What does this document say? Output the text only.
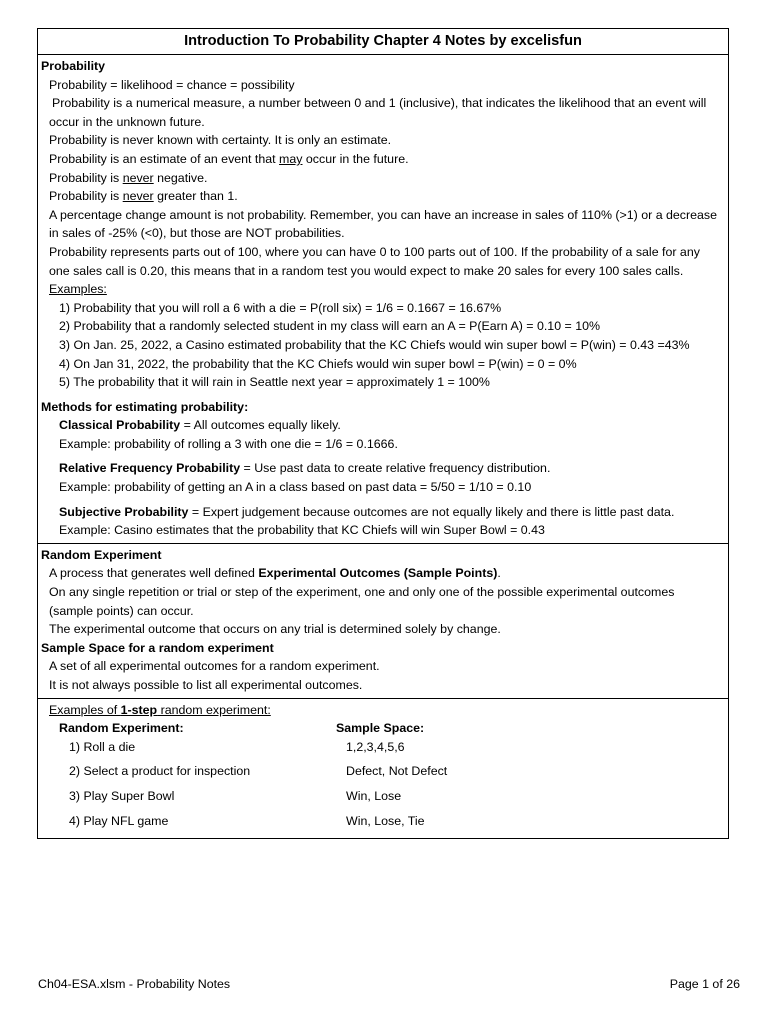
Introduction To Probability Chapter 4 Notes by excelisfun
Probability
Probability = likelihood = chance = possibility
Probability is a numerical measure, a number between 0 and 1 (inclusive), that indicates the likelihood that an event will
occur in the unknown future.
Probability is never known with certainty. It is only an estimate.
Probability is an estimate of an event that may occur in the future.
Probability is never negative.
Probability is never greater than 1.
A percentage change amount is not probability. Remember, you can have an increase in sales of 110% (>1) or a decrease
in sales of -25% (<0), but those are NOT probabilities.
Probability represents parts out of 100, where you can have 0 to 100 parts out of 100. If the probability of a sale for any
one sales call is 0.20, this means that in a random test you would expect to make 20 sales for every 100 sales calls.
Examples:
1) Probability that you will roll a 6 with a die = P(roll six) = 1/6 = 0.1667 = 16.67%
2) Probability that a randomly selected student in my class will earn an A = P(Earn A) = 0.10 = 10%
3) On Jan. 25, 2022, a Casino estimated probability that the KC Chiefs would win super bowl = P(win) = 0.43 =43%
4) On Jan 31, 2022, the probability that the KC Chiefs would win super bowl = P(win) = 0 = 0%
5) The probability that it will rain in Seattle next year = approximately 1 = 100%
Methods for estimating probability:
Classical Probability = All outcomes equally likely.
Example: probability of rolling a 3 with one die = 1/6 = 0.1666.
Relative Frequency Probability = Use past data to create relative frequency distribution.
Example: probability of getting an A in a class based on past data = 5/50 = 1/10 = 0.10
Subjective Probability = Expert judgement because outcomes are not equally likely and there is little past data.
Example: Casino estimates that the probability that KC Chiefs will win Super Bowl = 0.43
Random Experiment
A process that generates well defined Experimental Outcomes (Sample Points).
On any single repetition or trial or step of the experiment, one and only one of the possible experimental outcomes
(sample points) can occur.
The experimental outcome that occurs on any trial is determined solely by change.
Sample Space for a random experiment
A set of all experimental outcomes for a random experiment.
It is not always possible to list all experimental outcomes.
Examples of 1-step random experiment:
Random Experiment:	Sample Space:
1) Roll a die	1,2,3,4,5,6
2) Select a product for inspection	Defect, Not Defect
3) Play Super Bowl	Win, Lose
4) Play NFL game	Win, Lose, Tie
Ch04-ESA.xlsm - Probability Notes	Page 1 of 26
